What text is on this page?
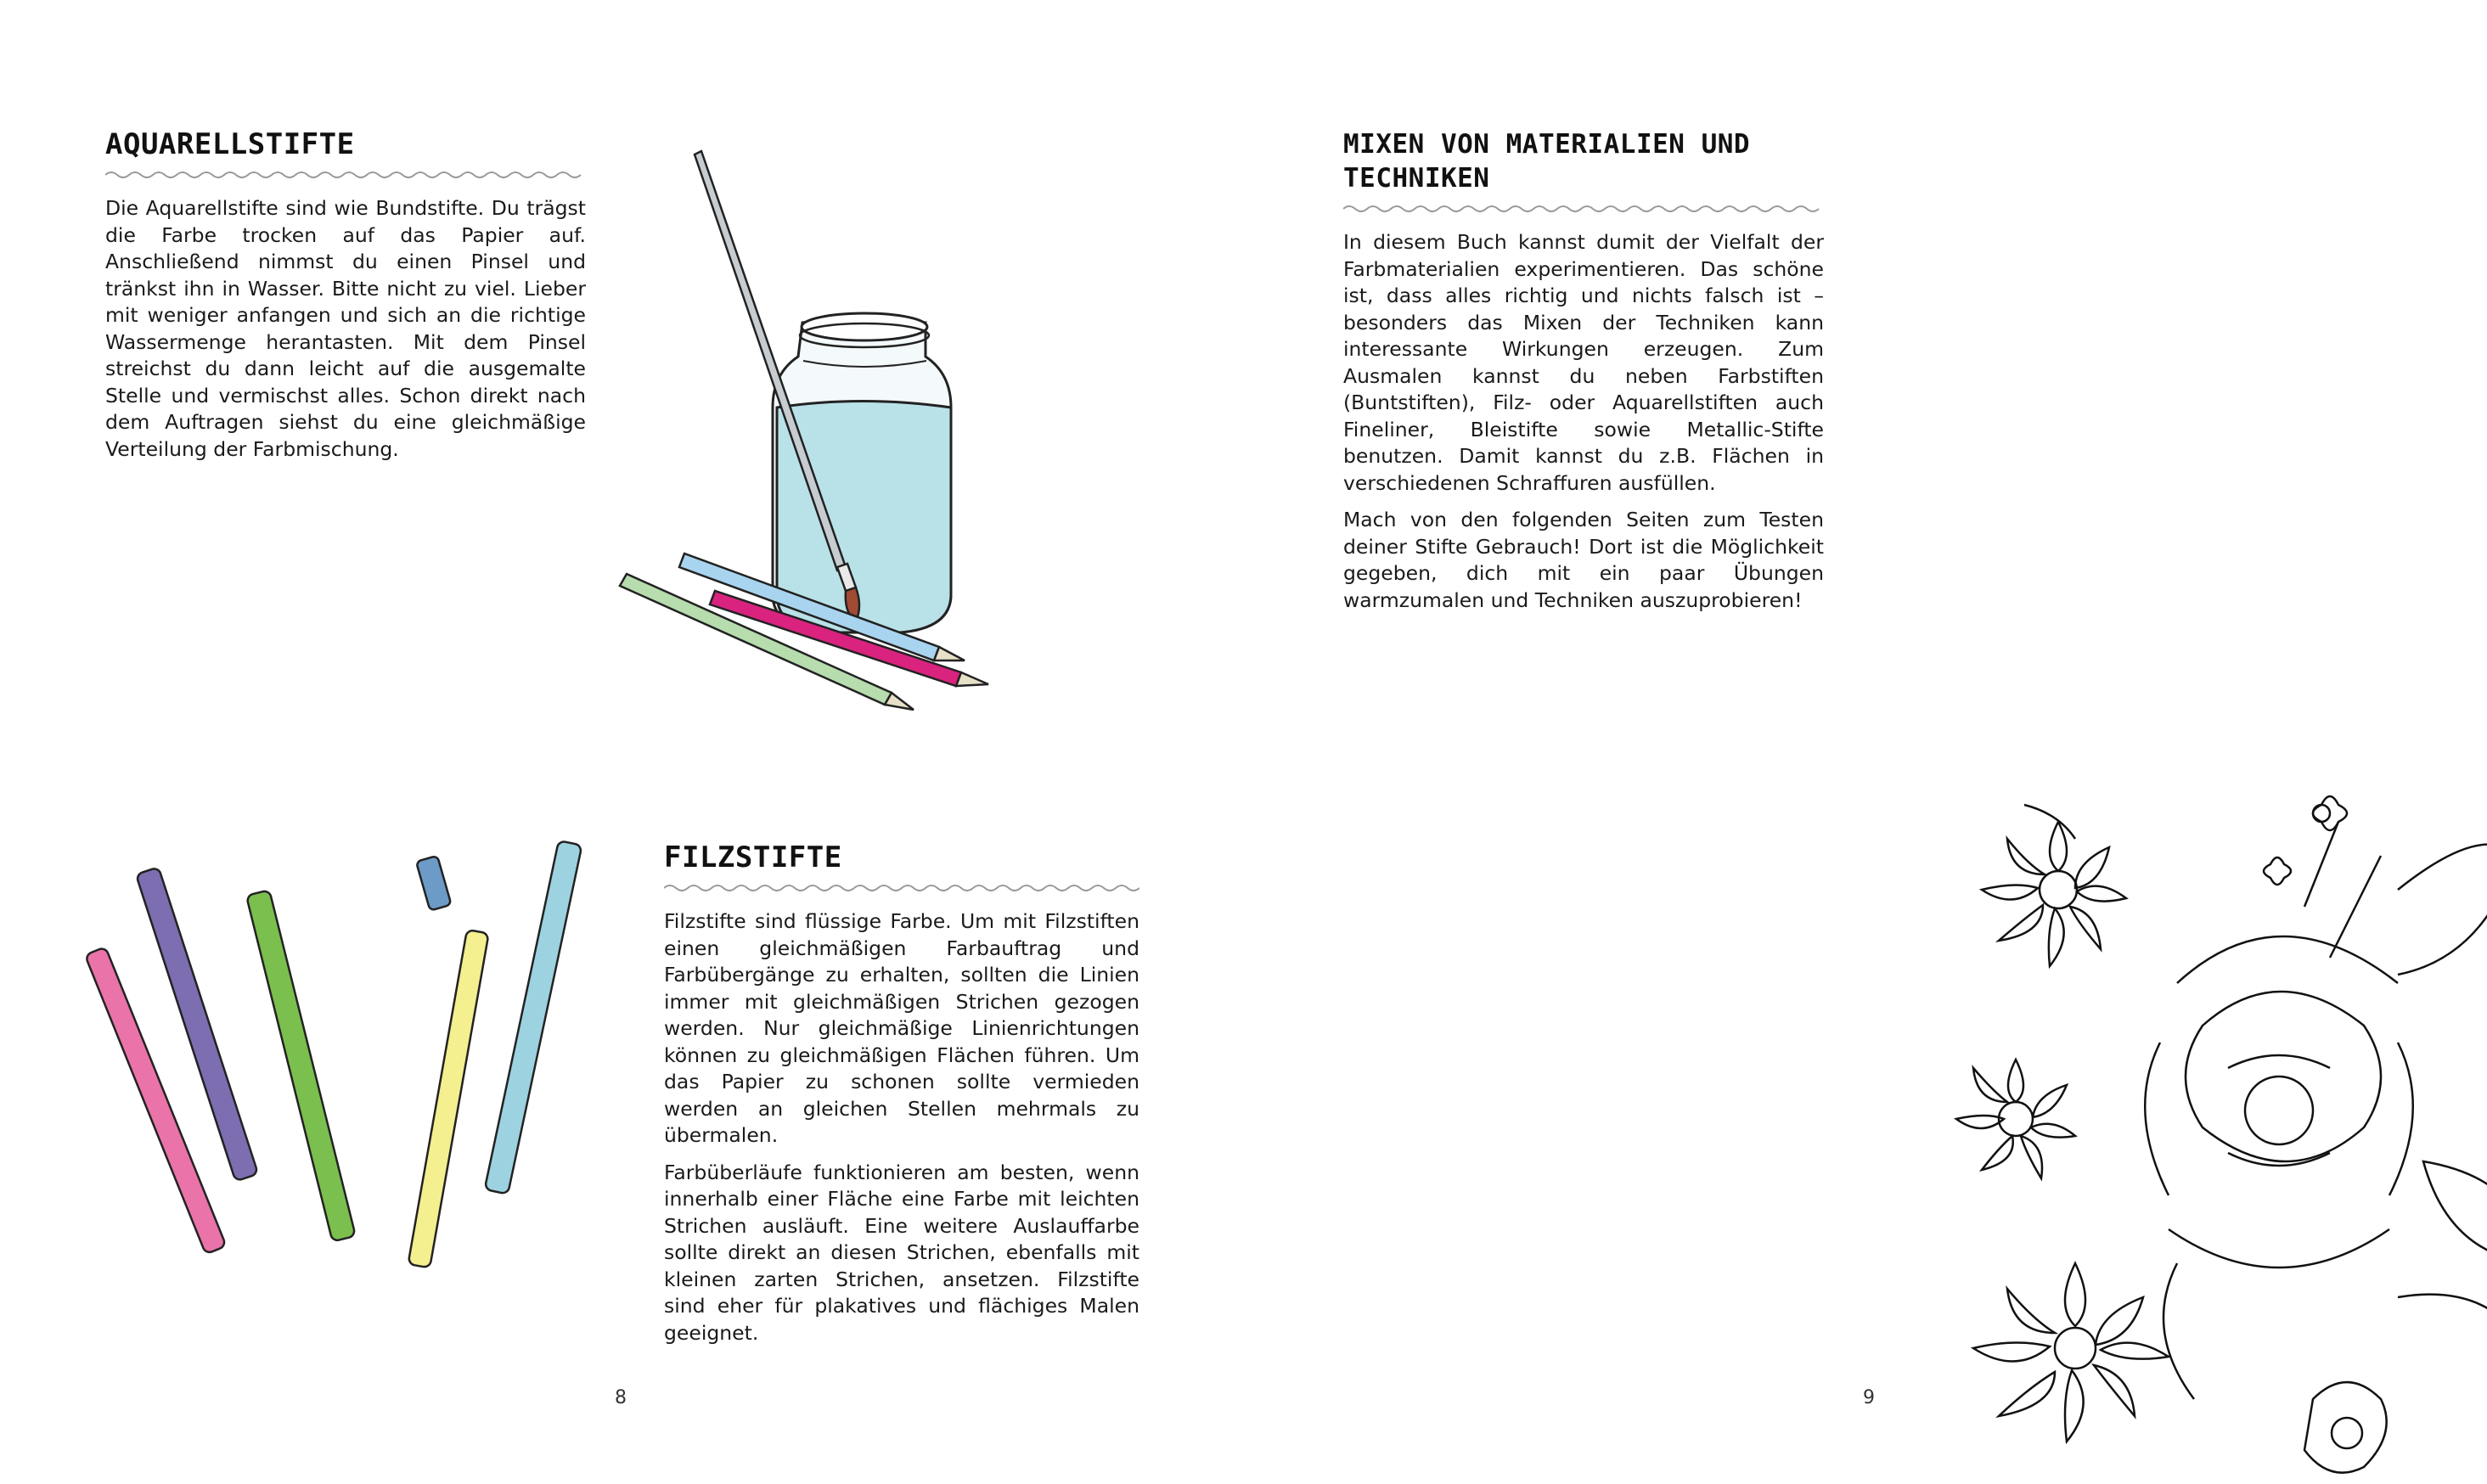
AQUARELLSTIFTE

Die Aquarellstifte sind wie Bundstifte. Du trägst die Farbe trocken auf das Papier auf. Anschließend nimmst du einen Pinsel und tränkst ihn in Wasser. Bitte nicht zu viel. Lieber mit weniger anfangen und sich an die richtige Wassermenge herantasten. Mit dem Pinsel streichst du dann leicht auf die ausgemalte Stelle und vermischst alles. Schon direkt nach dem Auftragen siehst du eine gleichmäßige Verteilung der Farbmischung.

FILZSTIFTE

Filzstifte sind flüssige Farbe. Um mit Filzstiften einen gleichmäßigen Farbauftrag und Farbübergänge zu erhalten, sollten die Linien immer mit gleichmäßigen Strichen gezogen werden. Nur gleichmäßige Linienrichtungen können zu gleichmäßigen Flächen führen. Um das Papier zu schonen sollte vermieden werden an gleichen Stellen mehrmals zu übermalen.

Farbüberläufe funktionieren am besten, wenn innerhalb einer Fläche eine Farbe mit leichten Strichen ausläuft. Eine weitere Auslauffarbe sollte direkt an diesen Strichen, ebenfalls mit kleinen zarten Strichen, ansetzen. Filzstifte sind eher für plakatives und flächiges Malen geeignet.

8
MIXEN VON MATERIALIEN UND TECHNIKEN

In diesem Buch kannst dumit der Vielfalt der Farbmaterialien experimentieren. Das schöne ist, dass alles richtig und nichts falsch ist – besonders das Mixen der Techniken kann interessante Wirkungen erzeugen. Zum Ausmalen kannst du neben Farbstiften (Buntstiften), Filz- oder Aquarellstiften auch Fineliner, Bleistifte sowie Metallic-Stifte benutzen. Damit kannst du z.B. Flächen in verschiedenen Schraffuren ausfüllen.

Mach von den folgenden Seiten zum Testen deiner Stifte Gebrauch! Dort ist die Möglichkeit gegeben, dich mit ein paar Übungen warmzumalen und Techniken auszuprobieren!

9
